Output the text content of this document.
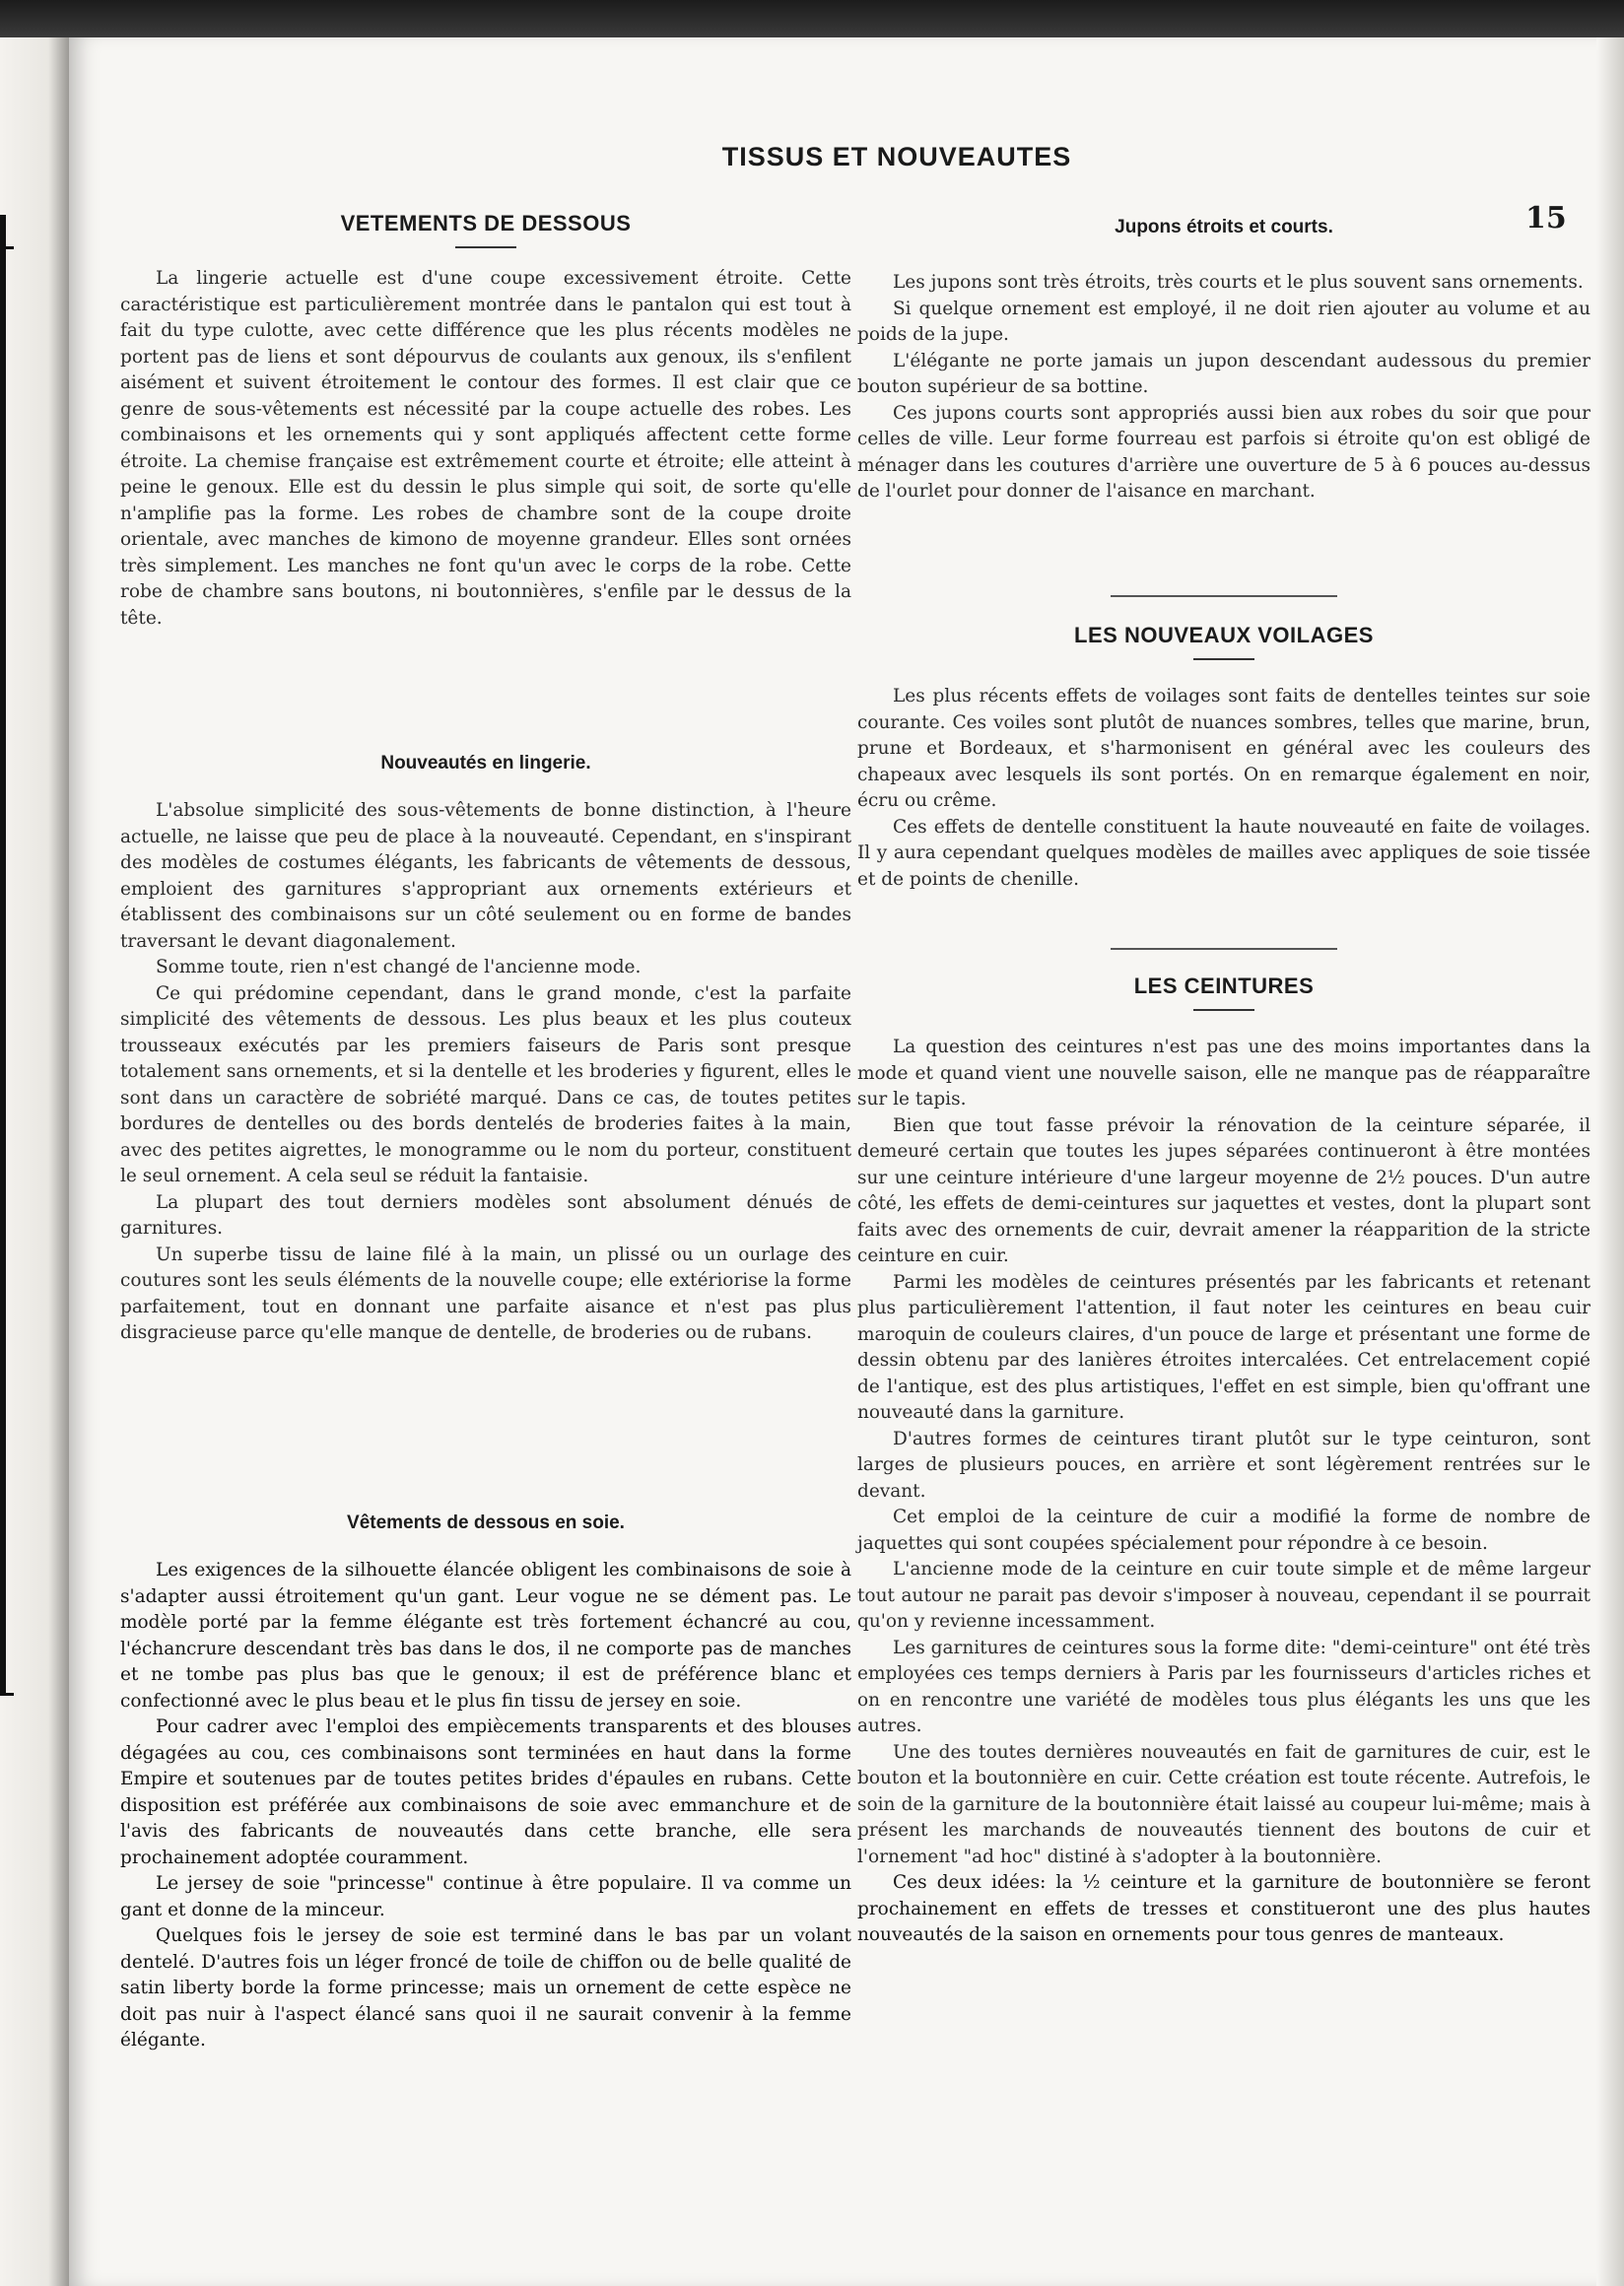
TISSUS ET NOUVEAUTES
15
VETEMENTS DE DESSOUS

La lingerie actuelle est d'une coupe excessivement étroite. Cette caractéristique est particulièrement montrée dans le pantalon qui est tout à fait du type culotte, avec cette différence que les plus récents modèles ne portent pas de liens et sont dépourvus de coulants aux genoux, ils s'enfilent aisément et suivent étroitement le contour des formes. Il est clair que ce genre de sous-vêtements est nécessité par la coupe actuelle des robes. Les combinaisons et les ornements qui y sont appliqués affectent cette forme étroite. La chemise française est extrêmement courte et étroite; elle atteint à peine le genoux. Elle est du dessin le plus simple qui soit, de sorte qu'elle n'amplifie pas la forme. Les robes de chambre sont de la coupe droite orientale, avec manches de kimono de moyenne grandeur. Elles sont ornées très simplement. Les manches ne font qu'un avec le corps de la robe. Cette robe de chambre sans boutons, ni boutonnières, s'enfile par le dessus de la tête.

Nouveautés en lingerie.

L'absolue simplicité des sous-vêtements de bonne distinction, à l'heure actuelle, ne laisse que peu de place à la nouveauté. Cependant, en s'inspirant des modèles de costumes élégants, les fabricants de vêtements de dessous, emploient des garnitures s'appropriant aux ornements extérieurs et établissent des combinaisons sur un côté seulement ou en forme de bandes traversant le devant diagonalement.

Somme toute, rien n'est changé de l'ancienne mode.

Ce qui prédomine cependant, dans le grand monde, c'est la parfaite simplicité des vêtements de dessous. Les plus beaux et les plus couteux trousseaux exécutés par les premiers faiseurs de Paris sont presque totalement sans ornements, et si la dentelle et les broderies y figurent, elles le sont dans un caractère de sobriété marqué. Dans ce cas, de toutes petites bordures de dentelles ou des bords dentelés de broderies faites à la main, avec des petites aigrettes, le monogramme ou le nom du porteur, constituent le seul ornement. A cela seul se réduit la fantaisie.

La plupart des tout derniers modèles sont absolument dénués de garnitures.

Un superbe tissu de laine filé à la main, un plissé ou un ourlage des coutures sont les seuls éléments de la nouvelle coupe; elle extériorise la forme parfaitement, tout en donnant une parfaite aisance et n'est pas plus disgracieuse parce qu'elle manque de dentelle, de broderies ou de rubans.

Vêtements de dessous en soie.

Les exigences de la silhouette élancée obligent les combinaisons de soie à s'adapter aussi étroitement qu'un gant. Leur vogue ne se dément pas. Le modèle porté par la femme élégante est très fortement échancré au cou, l'échancrure descendant très bas dans le dos, il ne comporte pas de manches et ne tombe pas plus bas que le genoux; il est de préférence blanc et confectionné avec le plus beau et le plus fin tissu de jersey en soie.

Pour cadrer avec l'emploi des empiècements transparents et des blouses dégagées au cou, ces combinaisons sont terminées en haut dans la forme Empire et soutenues par de toutes petites brides d'épaules en rubans. Cette disposition est préférée aux combinaisons de soie avec emmanchure et de l'avis des fabricants de nouveautés dans cette branche, elle sera prochainement adoptée couramment.

Le jersey de soie "princesse" continue à être populaire. Il va comme un gant et donne de la minceur.

Quelques fois le jersey de soie est terminé dans le bas par un volant dentelé. D'autres fois un léger froncé de toile de chiffon ou de belle qualité de satin liberty borde la forme princesse; mais un ornement de cette espèce ne doit pas nuir à l'aspect élancé sans quoi il ne saurait convenir à la femme élégante.

Jupons étroits et courts.

Les jupons sont très étroits, très courts et le plus souvent sans ornements.

Si quelque ornement est employé, il ne doit rien ajouter au volume et au poids de la jupe.

L'élégante ne porte jamais un jupon descendant audessous du premier bouton supérieur de sa bottine.

Ces jupons courts sont appropriés aussi bien aux robes du soir que pour celles de ville. Leur forme fourreau est parfois si étroite qu'on est obligé de ménager dans les coutures d'arrière une ouverture de 5 à 6 pouces au-dessus de l'ourlet pour donner de l'aisance en marchant.

LES NOUVEAUX VOILAGES

Les plus récents effets de voilages sont faits de dentelles teintes sur soie courante. Ces voiles sont plutôt de nuances sombres, telles que marine, brun, prune et Bordeaux, et s'harmonisent en général avec les couleurs des chapeaux avec lesquels ils sont portés. On en remarque également en noir, écru ou crême.

Ces effets de dentelle constituent la haute nouveauté en faite de voilages. Il y aura cependant quelques modèles de mailles avec appliques de soie tissée et de points de chenille.

LES CEINTURES

La question des ceintures n'est pas une des moins importantes dans la mode et quand vient une nouvelle saison, elle ne manque pas de réapparaître sur le tapis.

Bien que tout fasse prévoir la rénovation de la ceinture séparée, il demeuré certain que toutes les jupes séparées continueront à être montées sur une ceinture intérieure d'une largeur moyenne de 2½ pouces. D'un autre côté, les effets de demi-ceintures sur jaquettes et vestes, dont la plupart sont faits avec des ornements de cuir, devrait amener la réapparition de la stricte ceinture en cuir.

Parmi les modèles de ceintures présentés par les fabricants et retenant plus particulièrement l'attention, il faut noter les ceintures en beau cuir maroquin de couleurs claires, d'un pouce de large et présentant une forme de dessin obtenu par des lanières étroites intercalées. Cet entrelacement copié de l'antique, est des plus artistiques, l'effet en est simple, bien qu'offrant une nouveauté dans la garniture.

D'autres formes de ceintures tirant plutôt sur le type ceinturon, sont larges de plusieurs pouces, en arrière et sont légèrement rentrées sur le devant.

Cet emploi de la ceinture de cuir a modifié la forme de nombre de jaquettes qui sont coupées spécialement pour répondre à ce besoin.

L'ancienne mode de la ceinture en cuir toute simple et de même largeur tout autour ne parait pas devoir s'imposer à nouveau, cependant il se pourrait qu'on y revienne incessamment.

Les garnitures de ceintures sous la forme dite: "demi-ceinture" ont été très employées ces temps derniers à Paris par les fournisseurs d'articles riches et on en rencontre une variété de modèles tous plus élégants les uns que les autres.

Une des toutes dernières nouveautés en fait de garnitures de cuir, est le bouton et la boutonnière en cuir. Cette création est toute récente. Autrefois, le soin de la garniture de la boutonnière était laissé au coupeur lui-même; mais à présent les marchands de nouveautés tiennent des boutons de cuir et l'ornement "ad hoc" distiné à s'adopter à la boutonnière.

Ces deux idées: la ½ ceinture et la garniture de boutonnière se feront prochainement en effets de tresses et constitueront une des plus hautes nouveautés de la saison en ornements pour tous genres de manteaux.
